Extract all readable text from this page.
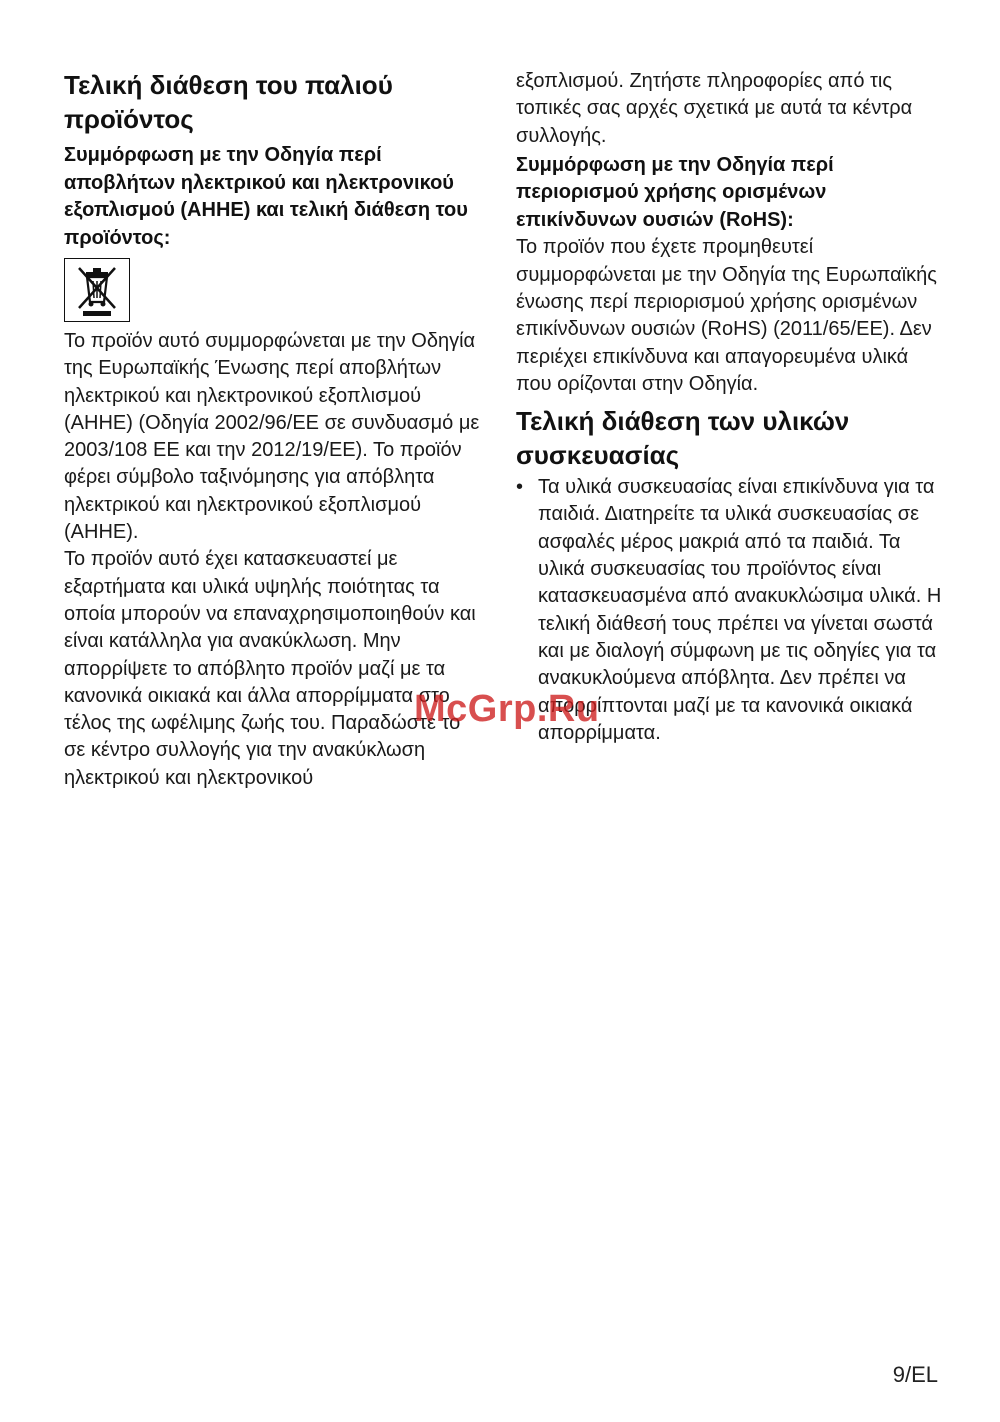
Τελική διάθεση του παλιού προϊόντος
Συμμόρφωση με την Οδηγία περί αποβλήτων ηλεκτρικού και ηλεκτρονικού εξοπλισμού (AHHE) και τελική διάθεση του προϊόντος:

Το προϊόν αυτό συμμορφώνεται με την Οδηγία της Ευρωπαϊκής Ένωσης περί αποβλήτων ηλεκτρικού και ηλεκτρονικού εξοπλισμού (AHHE) (Οδηγία 2002/96/ΕΕ σε συνδυασμό με 2003/108 ΕΕ και την 2012/19/ΕΕ). Το προϊόν φέρει σύμβολο ταξινόμησης για απόβλητα ηλεκτρικού και ηλεκτρονικού εξοπλισμού (AHHE).

Το προϊόν αυτό έχει κατασκευαστεί με εξαρτήματα και υλικά υψηλής ποιότητας τα οποία μπορούν να επαναχρησιμοποιηθούν και είναι κατάλληλα για ανακύκλωση. Μην απορρίψετε το απόβλητο προϊόν μαζί με τα κανονικά οικιακά και άλλα απορρίμματα στο τέλος της ωφέλιμης ζωής του. Παραδώστε το σε κέντρο συλλογής για την ανακύκλωση ηλεκτρικού και ηλεκτρονικού

εξοπλισμού. Ζητήστε πληροφορίες από τις τοπικές σας αρχές σχετικά με αυτά τα κέντρα συλλογής.

Συμμόρφωση με την Οδηγία περί περιορισμού χρήσης ορισμένων επικίνδυνων ουσιών (RoHS):

Το προϊόν που έχετε προμηθευτεί συμμορφώνεται με την Οδηγία της Ευρωπαϊκής ένωσης περί περιορισμού χρήσης ορισμένων επικίνδυνων ουσιών (RoHS) (2011/65/ΕΕ). Δεν περιέχει επικίνδυνα και απαγορευμένα υλικά που ορίζονται στην Οδηγία.

Τελική διάθεση των υλικών συσκευασίας
• Τα υλικά συσκευασίας είναι επικίνδυνα για τα παιδιά. Διατηρείτε τα υλικά συσκευασίας σε ασφαλές μέρος μακριά από τα παιδιά. Τα υλικά συσκευασίας του προϊόντος είναι κατασκευασμένα από ανακυκλώσιμα υλικά. Η τελική διάθεσή τους πρέπει να γίνεται σωστά και με διαλογή σύμφωνη με τις οδηγίες για τα ανακυκλούμενα απόβλητα. Δεν πρέπει να απορρίπτονται μαζί με τα κανονικά οικιακά απορρίμματα.
McGrp.Ru
9/EL
